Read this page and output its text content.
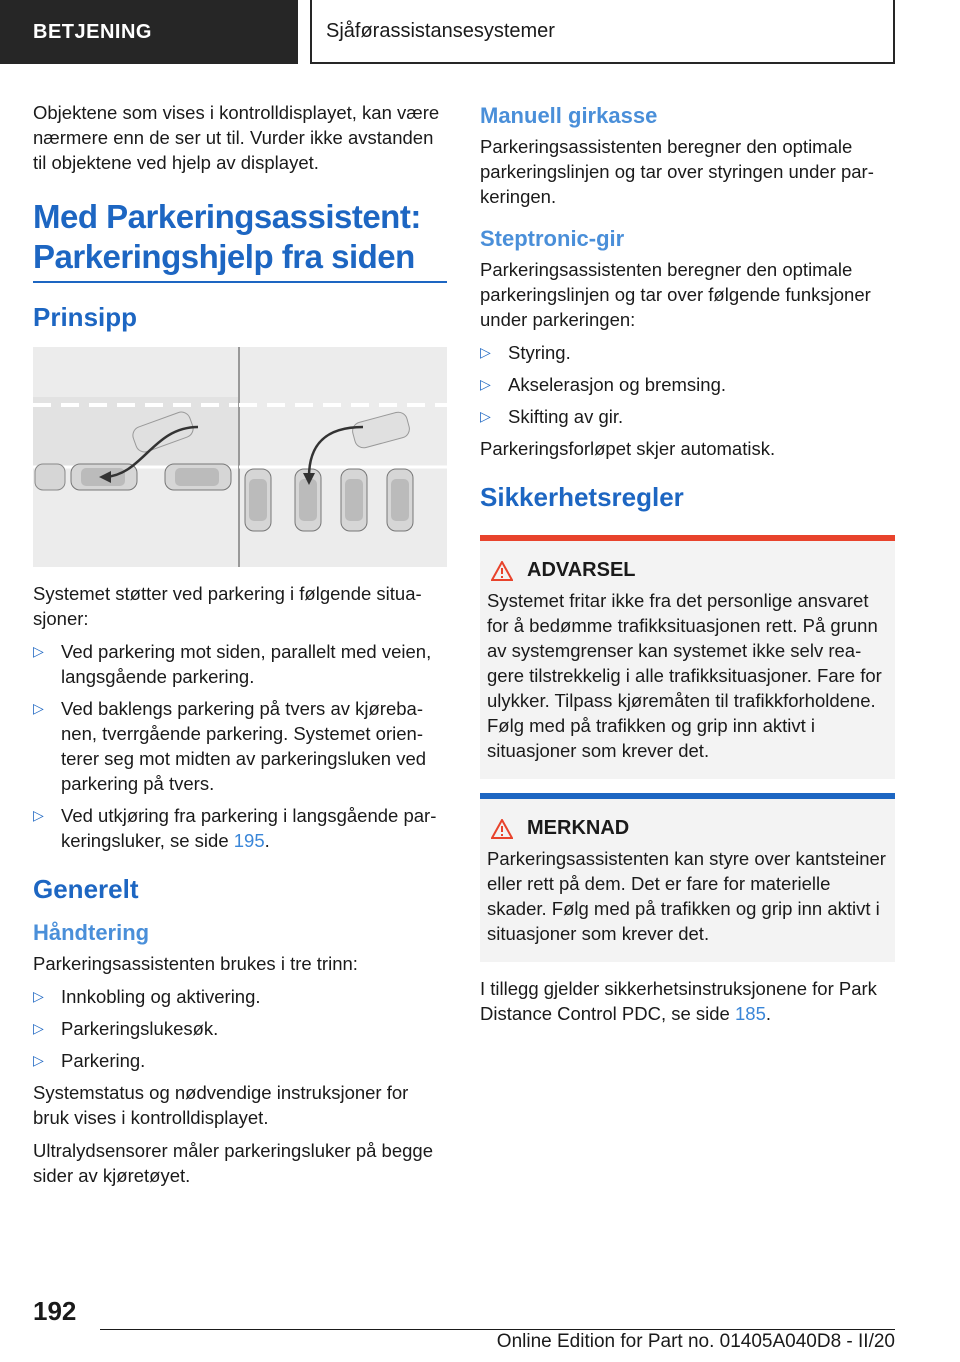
BETJENING	Sjåførassistansesystemer

Objektene som vises i kontrolldisplayet, kan være nærmere enn de ser ut til. Vurder ikke avstanden til objektene ved hjelp av displayet.

Med Parkeringsassistent: Parkeringshjelp fra siden
Prinsipp

Systemet støtter ved parkering i følgende situasjoner:

▷ Ved parkering mot siden, parallelt med veien, langsgående parkering.
▷ Ved baklengs parkering på tvers av kjørebanen, tverrgående parkering. Systemet orienterer seg mot midten av parkeringsluken ved parkering på tvers.
▷ Ved utkjøring fra parkering i langsgående parkeringsluker, se side 195.
Generelt
Håndtering

Parkeringsassistenten brukes i tre trinn:

▷ Innkobling og aktivering.
▷ Parkeringslukesøk.
▷ Parkering.

Systemstatus og nødvendige instruksjoner for bruk vises i kontrolldisplayet.

Ultralydsensorer måler parkeringsluker på begge sider av kjøretøyet.

Manuell girkasse

Parkeringsassistenten beregner den optimale parkeringslinjen og tar over styringen under parkeringen.

Steptronic-gir

Parkeringsassistenten beregner den optimale parkeringslinjen og tar over følgende funksjoner under parkeringen:

▷ Styring.
▷ Akselerasjon og bremsing.
▷ Skifting av gir.

Parkeringsforløpet skjer automatisk.

Sikkerhetsregler
ADVARSEL

Systemet fritar ikke fra det personlige ansvaret for å bedømme trafikksituasjonen rett. På grunn av systemgrenser kan systemet ikke selv reagere tilstrekkelig i alle trafikksituasjoner. Fare for ulykker. Tilpass kjøremåten til trafikkforholdene. Følg med på trafikken og grip inn aktivt i situasjoner som krever det.

MERKNAD

Parkeringsassistenten kan styre over kantsteiner eller rett på dem. Det er fare for materielle skader. Følg med på trafikken og grip inn aktivt i situasjoner som krever det.

I tillegg gjelder sikkerhetsinstruksjonene for Park Distance Control PDC, se side 185.

192
Online Edition for Part no. 01405A040D8 - II/20
